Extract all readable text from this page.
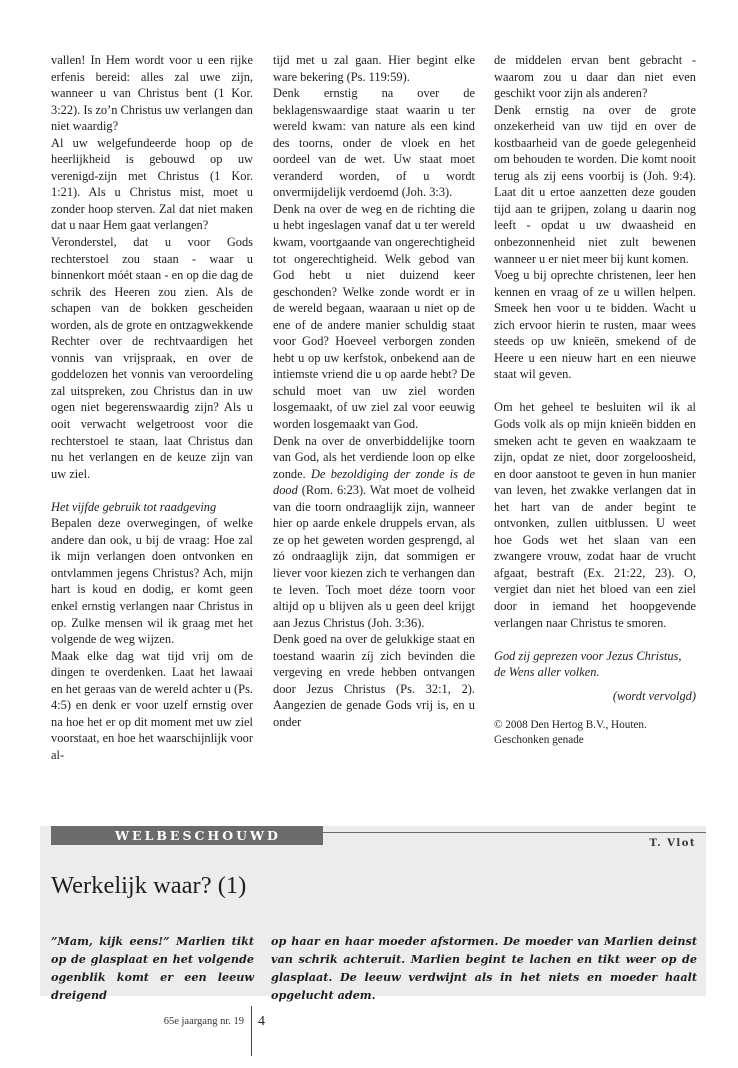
vallen! In Hem wordt voor u een rijke erfenis bereid: alles zal uwe zijn, wanneer u van Christus bent (1 Kor. 3:22). Is zo’n Christus uw verlangen dan niet waardig?

Al uw welgefundeerde hoop op de heerlijkheid is gebouwd op uw verenigd-zijn met Christus (1 Kor. 1:21). Als u Christus mist, moet u zonder hoop sterven. Zal dat niet maken dat u naar Hem gaat verlangen?

Veronderstel, dat u voor Gods rechterstoel zou staan - waar u binnenkort móét staan - en op die dag de schrik des Heeren zou zien. Als de schapen van de bokken gescheiden worden, als de grote en ontzagwekkende Rechter over de rechtvaardigen het vonnis van vrijspraak, en over de goddelozen het vonnis van veroordeling zal uitspreken, zou Christus dan in uw ogen niet begerenswaardig zijn? Als u ooit verwacht welgetroost voor die rechterstoel te staan, laat Christus dan nu het verlangen en de keuze zijn van uw ziel.

Het vijfde gebruik tot raadgeving

Bepalen deze overwegingen, of welke andere dan ook, u bij de vraag: Hoe zal ik mijn verlangen doen ontvonken en ontvlammen jegens Christus? Ach, mijn hart is koud en dodig, er komt geen enkel ernstig verlangen naar Christus in op. Zulke mensen wil ik graag met het volgende de weg wijzen.

Maak elke dag wat tijd vrij om de dingen te overdenken. Laat het lawaai en het geraas van de wereld achter u (Ps. 4:5) en denk er voor uzelf ernstig over na hoe het er op dit moment met uw ziel voorstaat, en hoe het waarschijnlijk voor al-

tijd met u zal gaan. Hier begint elke ware bekering (Ps. 119:59).

Denk ernstig na over de beklagenswaardige staat waarin u ter wereld kwam: van nature als een kind des toorns, onder de vloek en het oordeel van de wet. Uw staat moet veranderd worden, of u wordt onvermijdelijk verdoemd (Joh. 3:3).

Denk na over de weg en de richting die u hebt ingeslagen vanaf dat u ter wereld kwam, voortgaande van ongerechtigheid tot ongerechtigheid. Welk gebod van God hebt u niet duizend keer geschonden? Welke zonde wordt er in de wereld begaan, waaraan u niet op de ene of de andere manier schuldig staat voor God? Hoeveel verborgen zonden hebt u op uw kerfstok, onbekend aan de intiemste vriend die u op aarde hebt? De schuld moet van uw ziel worden losgemaakt, of uw ziel zal voor eeuwig worden losgemaakt van God.

Denk na over de onverbiddelijke toorn van God, als het verdiende loon op elke zonde. De bezoldiging der zonde is de dood (Rom. 6:23). Wat moet de volheid van die toorn ondraaglijk zijn, wanneer hier op aarde enkele druppels ervan, als ze op het geweten worden gesprengd, al zó ondraaglijk zijn, dat sommigen er liever voor kiezen zich te verhangen dan te leven. Toch moet déze toorn voor altijd op u blijven als u geen deel krijgt aan Jezus Christus (Joh. 3:36).

Denk goed na over de gelukkige staat en toestand waarin zíj zich bevinden die vergeving en vrede hebben ontvangen door Jezus Christus (Ps. 32:1, 2). Aangezien de genade Gods vrij is, en u onder

de middelen ervan bent gebracht - waarom zou u daar dan niet even geschikt voor zijn als anderen?

Denk ernstig na over de grote onzekerheid van uw tijd en over de kostbaarheid van de goede gelegenheid om behouden te worden. Die komt nooit terug als zij eens voorbij is (Joh. 9:4). Laat dit u ertoe aanzetten deze gouden tijd aan te grijpen, zolang u daarin nog leeft - opdat u uw dwaasheid en onbezonnenheid niet zult bewenen wanneer u er niet meer bij kunt komen.

Voeg u bij oprechte christenen, leer hen kennen en vraag of ze u willen helpen. Smeek hen voor u te bidden. Wacht u zich ervoor hierin te rusten, maar wees steeds op uw knieën, smekend of de Heere u een nieuw hart en een nieuwe staat wil geven.

Om het geheel te besluiten wil ik al Gods volk als op mijn knieën bidden en smeken acht te geven en waakzaam te zijn, opdat ze niet, door zorgeloosheid, en door aanstoot te geven in hun manier van leven, het zwakke verlangen dat in het hart van de ander begint te ontvonken, zullen uitblussen. U weet hoe Gods wet het slaan van een zwangere vrouw, zodat haar de vrucht afgaat, bestraft (Ex. 21:22, 23). O, vergiet dan niet het bloed van een ziel door in iemand het hoopgevende verlangen naar Christus te smoren.

God zij geprezen voor Jezus Christus,

de Wens aller volken.

(wordt vervolgd)

© 2008 Den Hertog B.V., Houten.

Geschonken genade

WELBESCHOUWD
T. Vlot
Werkelijk waar? (1)

”Mam, kijk eens!” Marlien tikt op de glasplaat en het volgende ogenblik komt er een leeuw dreigend

op haar en haar moeder afstormen. De moeder van Marlien deinst van schrik achteruit. Marlien begint te lachen en tikt weer op de glasplaat. De leeuw verdwijnt als in het niets en moeder haalt opgelucht adem.

65e jaargang nr. 19 4
